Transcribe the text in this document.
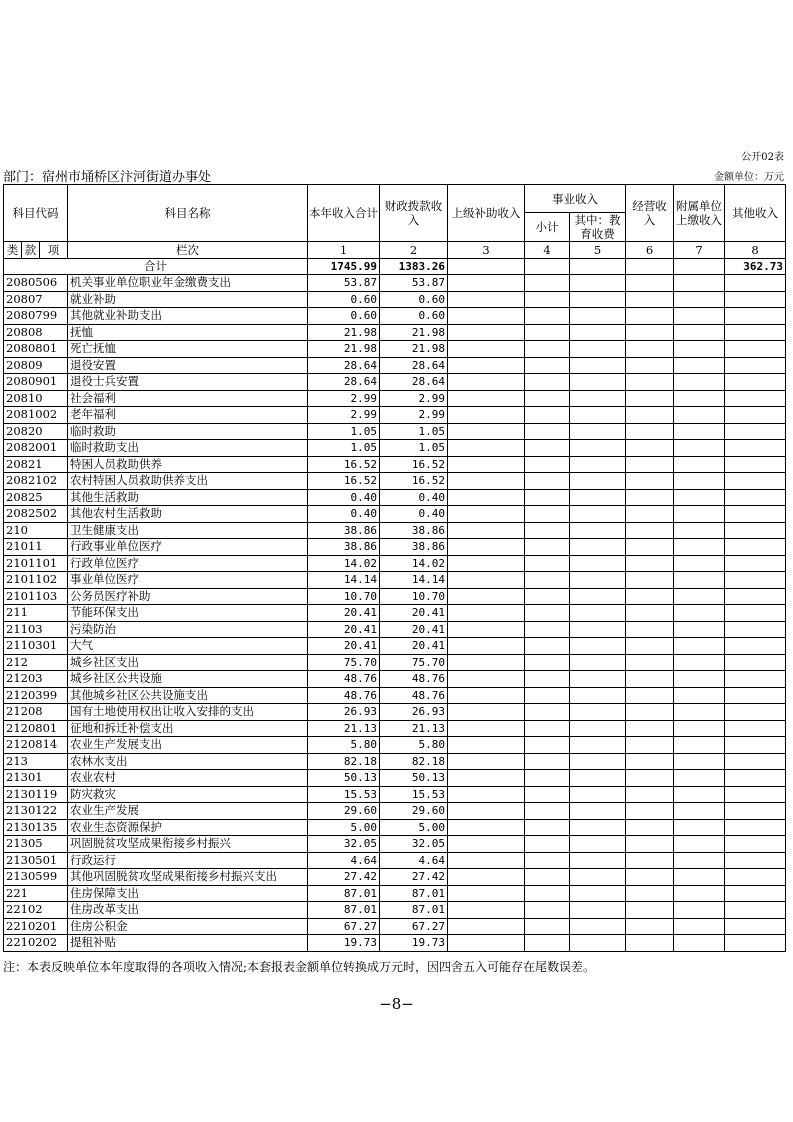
公开02表
部门：宿州市埇桥区汴河街道办事处	金额单位：万元
科目代码			科目名称	本年收入合计	财政拨款收入	上级补助收入	事业收入		经营收入	附属单位上缴收入	其他收入
							小计	其中：教育收费			
类	款	项	栏次	1	2	3	4	5	6	7	8
合计				1745.99	1383.26						362.73
2080506			机关事业单位职业年金缴费支出	53.87	53.87						
20807			就业补助	0.60	0.60						
2080799			其他就业补助支出	0.60	0.60						
20808			抚恤	21.98	21.98						
2080801			死亡抚恤	21.98	21.98						
20809			退役安置	28.64	28.64						
2080901			退役士兵安置	28.64	28.64						
20810			社会福利	2.99	2.99						
2081002			老年福利	2.99	2.99						
20820			临时救助	1.05	1.05						
2082001			临时救助支出	1.05	1.05						
20821			特困人员救助供养	16.52	16.52						
2082102			农村特困人员救助供养支出	16.52	16.52						
20825			其他生活救助	0.40	0.40						
2082502			其他农村生活救助	0.40	0.40						
210			卫生健康支出	38.86	38.86						
21011			行政事业单位医疗	38.86	38.86						
2101101			行政单位医疗	14.02	14.02						
2101102			事业单位医疗	14.14	14.14						
2101103			公务员医疗补助	10.70	10.70						
211			节能环保支出	20.41	20.41						
21103			污染防治	20.41	20.41						
2110301			大气	20.41	20.41						
212			城乡社区支出	75.70	75.70						
21203			城乡社区公共设施	48.76	48.76						
2120399			其他城乡社区公共设施支出	48.76	48.76						
21208			国有土地使用权出让收入安排的支出	26.93	26.93						
2120801			征地和拆迁补偿支出	21.13	21.13						
2120814			农业生产发展支出	5.80	5.80						
213			农林水支出	82.18	82.18						
21301			农业农村	50.13	50.13						
2130119			防灾救灾	15.53	15.53						
2130122			农业生产发展	29.60	29.60						
2130135			农业生态资源保护	5.00	5.00						
21305			巩固脱贫攻坚成果衔接乡村振兴	32.05	32.05						
2130501			行政运行	4.64	4.64						
2130599			其他巩固脱贫攻坚成果衔接乡村振兴支出	27.42	27.42						
221			住房保障支出	87.01	87.01						
22102			住房改革支出	87.01	87.01						
2210201			住房公积金	67.27	67.27						
2210202			提租补贴	19.73	19.73						
注：本表反映单位本年度取得的各项收入情况;本套报表金额单位转换成万元时，因四舍五入可能存在尾数误差。
−8−
